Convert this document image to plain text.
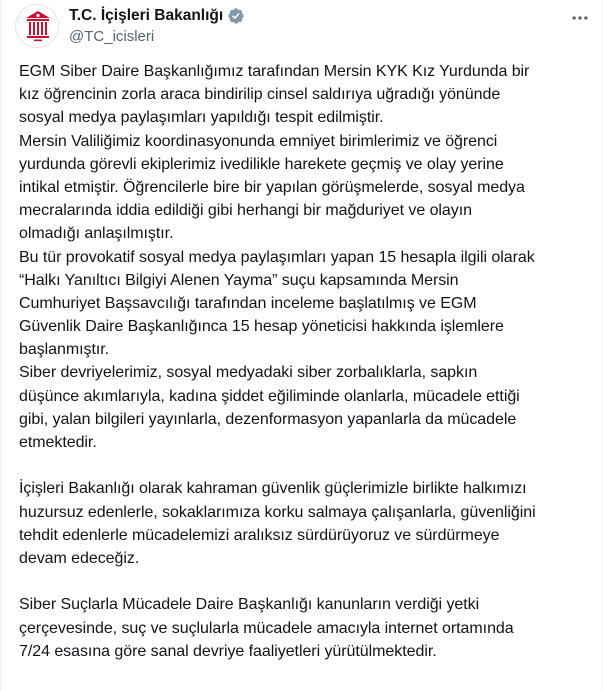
T.C. İçişleri Bakanlığı
@TC_icisleri
EGM Siber Daire Başkanlığımız tarafından Mersin KYK Kız Yurdunda bir
kız öğrencinin zorla araca bindirilip cinsel saldırıya uğradığı yönünde
sosyal medya paylaşımları yapıldığı tespit edilmiştir.
Mersin Valiliğimiz koordinasyonunda emniyet birimlerimiz ve öğrenci
yurdunda görevli ekiplerimiz ivedilikle harekete geçmiş ve olay yerine
intikal etmiştir. Öğrencilerle bire bir yapılan görüşmelerde, sosyal medya
mecralarında iddia edildiği gibi herhangi bir mağduriyet ve olayın
olmadığı anlaşılmıştır.
Bu tür provokatif sosyal medya paylaşımları yapan 15 hesapla ilgili olarak
“Halkı Yanıltıcı Bilgiyi Alenen Yayma” suçu kapsamında Mersin
Cumhuriyet Başsavcılığı tarafından inceleme başlatılmış ve EGM
Güvenlik Daire Başkanlığınca 15 hesap yöneticisi hakkında işlemlere
başlanmıştır.
Siber devriyelerimiz, sosyal medyadaki siber zorbalıklarla, sapkın
düşünce akımlarıyla, kadına şiddet eğiliminde olanlarla, mücadele ettiği
gibi, yalan bilgileri yayınlarla, dezenformasyon yapanlarla da mücadele
etmektedir.
İçişleri Bakanlığı olarak kahraman güvenlik güçlerimizle birlikte halkımızı
huzursuz edenlerle, sokaklarımıza korku salmaya çalışanlarla, güvenliğini
tehdit edenlerle mücadelemizi aralıksız sürdürüyoruz ve sürdürmeye
devam edeceğiz.
Siber Suçlarla Mücadele Daire Başkanlığı kanunların verdiği yetki
çerçevesinde, suç ve suçlularla mücadele amacıyla internet ortamında
7/24 esasına göre sanal devriye faaliyetleri yürütülmektedir.
